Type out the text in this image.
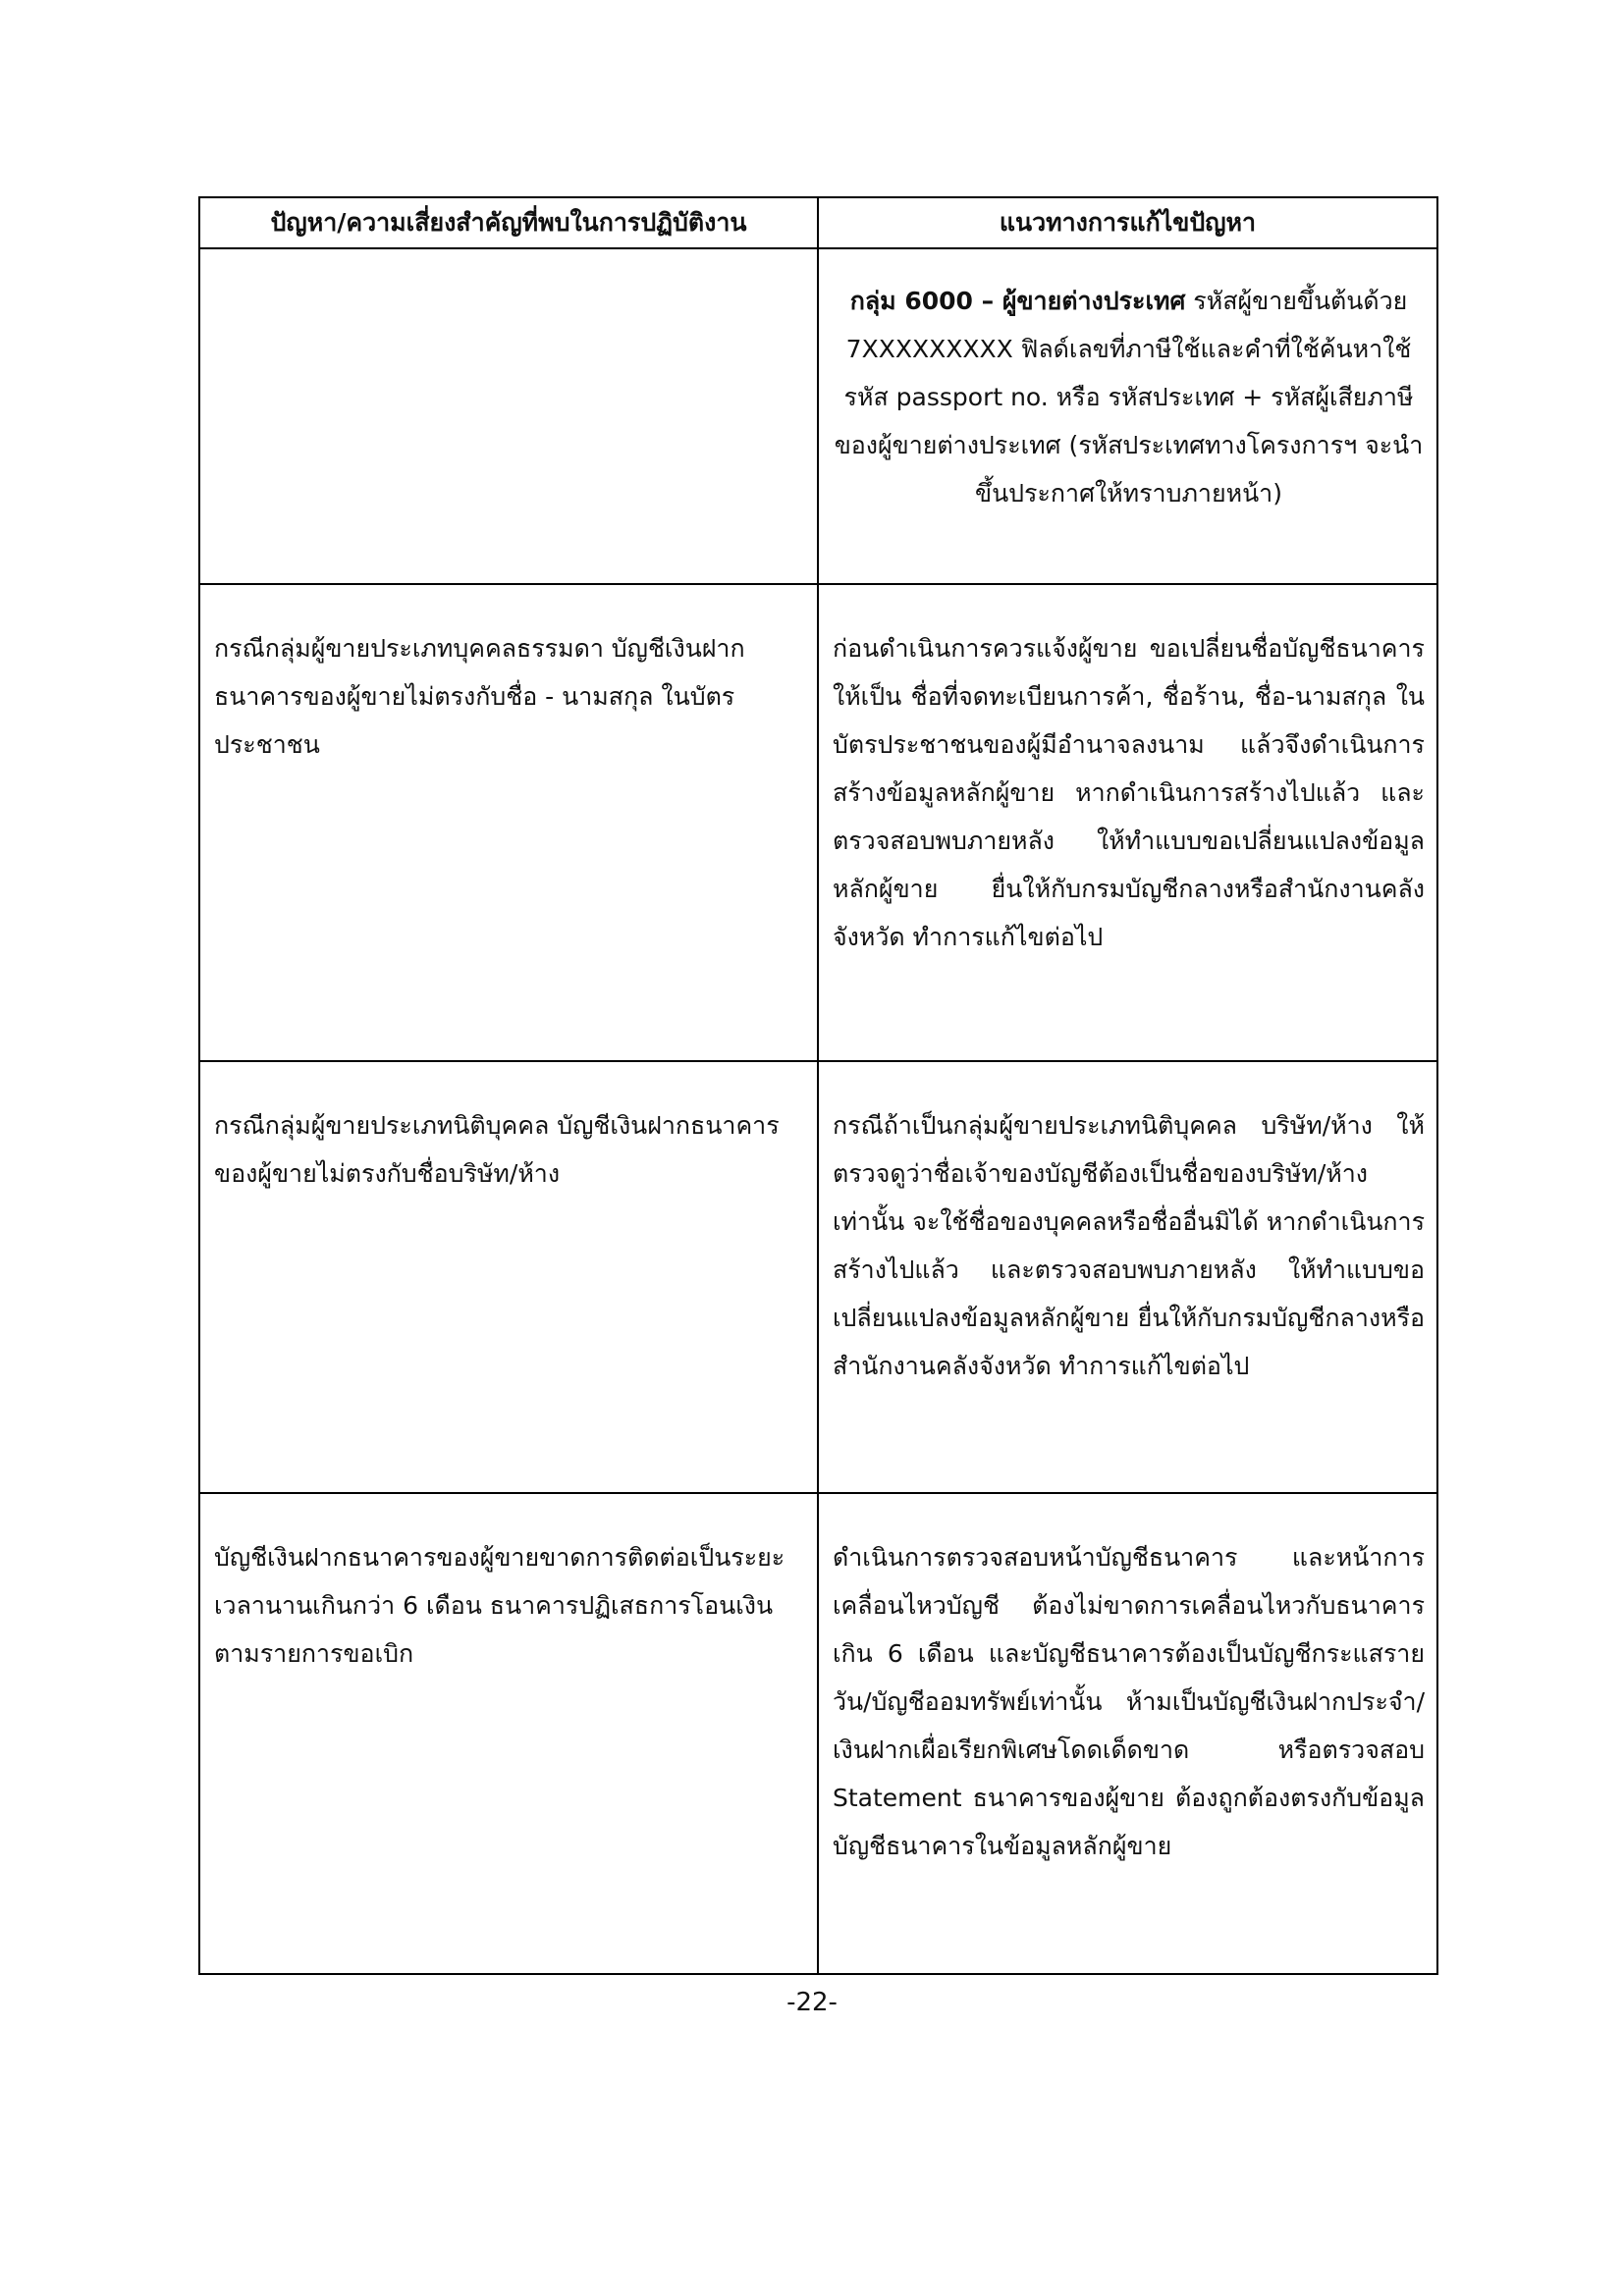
ปัญหา/ความเสี่ยงสำคัญที่พบในการปฏิบัติงาน	แนวทางการแก้ไขปัญหา
	กลุ่ม 6000 – ผู้ขายต่างประเทศ รหัสผู้ขายขึ้นต้นด้วย 7XXXXXXXXX ฟิลด์เลขที่ภาษีใช้และคำที่ใช้ค้นหาใช้รหัส passport no. หรือ รหัสประเทศ + รหัสผู้เสียภาษีของผู้ขายต่างประเทศ (รหัสประเทศทางโครงการฯ จะนำขึ้นประกาศให้ทราบภายหน้า)
กรณีกลุ่มผู้ขายประเภทบุคคลธรรมดา บัญชีเงินฝากธนาคารของผู้ขายไม่ตรงกับชื่อ - นามสกุล ในบัตรประชาชน	ก่อนดำเนินการควรแจ้งผู้ขาย ขอเปลี่ยนชื่อบัญชีธนาคารให้เป็น ชื่อที่จดทะเบียนการค้า, ชื่อร้าน, ชื่อ-นามสกุล ในบัตรประชาชนของผู้มีอำนาจลงนาม แล้วจึงดำเนินการสร้างข้อมูลหลักผู้ขาย หากดำเนินการสร้างไปแล้ว และตรวจสอบพบภายหลัง ให้ทำแบบขอเปลี่ยนแปลงข้อมูลหลักผู้ขาย ยื่นให้กับกรมบัญชีกลางหรือสำนักงานคลังจังหวัด ทำการแก้ไขต่อไป
กรณีกลุ่มผู้ขายประเภทนิติบุคคล บัญชีเงินฝากธนาคารของผู้ขายไม่ตรงกับชื่อบริษัท/ห้าง	กรณีถ้าเป็นกลุ่มผู้ขายประเภทนิติบุคคล บริษัท/ห้าง ให้ตรวจดูว่าชื่อเจ้าของบัญชีต้องเป็นชื่อของบริษัท/ห้างเท่านั้น จะใช้ชื่อของบุคคลหรือชื่ออื่นมิได้ หากดำเนินการสร้างไปแล้ว และตรวจสอบพบภายหลัง ให้ทำแบบขอเปลี่ยนแปลงข้อมูลหลักผู้ขาย ยื่นให้กับกรมบัญชีกลางหรือสำนักงานคลังจังหวัด ทำการแก้ไขต่อไป
บัญชีเงินฝากธนาคารของผู้ขายขาดการติดต่อเป็นระยะเวลานานเกินกว่า 6 เดือน ธนาคารปฏิเสธการโอนเงินตามรายการขอเบิก	ดำเนินการตรวจสอบหน้าบัญชีธนาคาร และหน้าการเคลื่อนไหวบัญชี ต้องไม่ขาดการเคลื่อนไหวกับธนาคารเกิน 6 เดือน และบัญชีธนาคารต้องเป็นบัญชีกระแสรายวัน/บัญชีออมทรัพย์เท่านั้น ห้ามเป็นบัญชีเงินฝากประจำ/เงินฝากเผื่อเรียกพิเศษโดดเด็ดขาด หรือตรวจสอบ Statement ธนาคารของผู้ขาย ต้องถูกต้องตรงกับข้อมูลบัญชีธนาคารในข้อมูลหลักผู้ขาย
-22-
